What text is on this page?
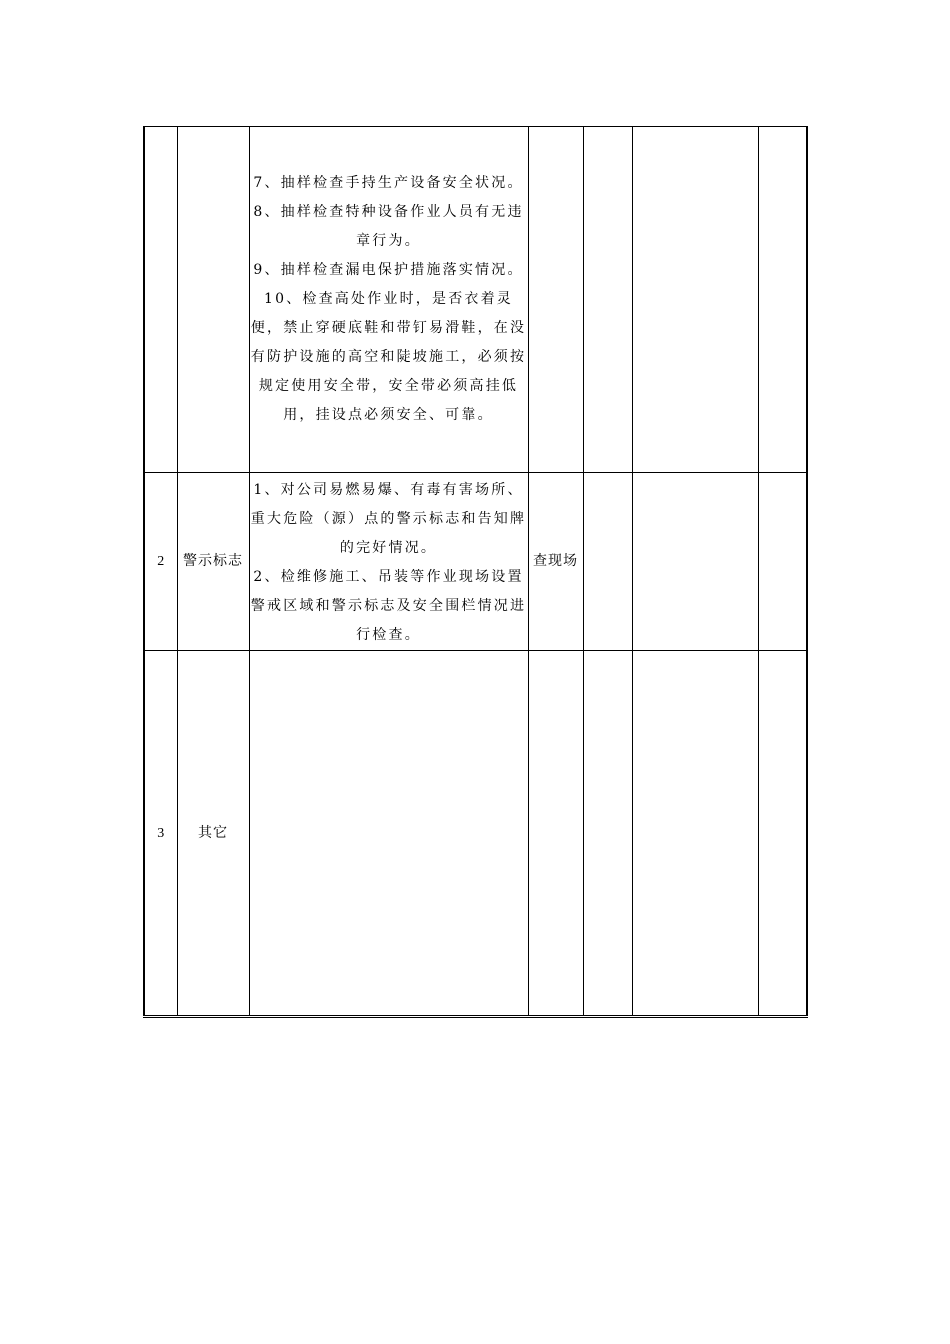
		7、抽样检查手持生产设备安全状况。

8、抽样检查特种设备作业人员有无违章行为。

9、抽样检查漏电保护措施落实情况。

10、检查高处作业时，是否衣着灵便，禁止穿硬底鞋和带钉易滑鞋，在没有防护设施的高空和陡坡施工，必须按规定使用安全带，安全带必须高挂低用，挂设点必须安全、可靠。				

2	警示标志	1、对公司易燃易爆、有毒有害场所、重大危险（源）点的警示标志和告知牌的完好情况。

2、检维修施工、吊装等作业现场设置警戒区域和警示标志及安全围栏情况进行检查。	查现场			
3	其它					
